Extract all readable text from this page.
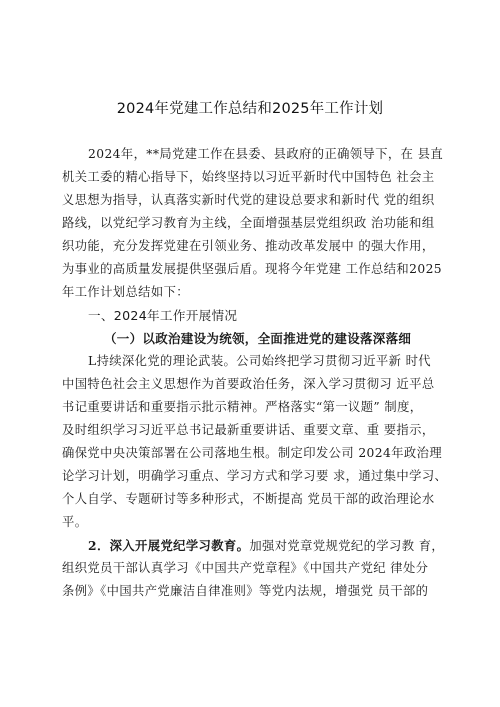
2024年党建工作总结和2025年工作计划
2024年，**局党建工作在县委、县政府的正确领导下，在 县直
机关工委的精心指导下，始终坚持以习近平新时代中国特色 社会主
义思想为指导，认真落实新时代党的建设总要求和新时代 党的组织
路线，以党纪学习教育为主线，全面增强基层党组织政 治功能和组
织功能，充分发挥党建在引领业务、推动改革发展中 的强大作用，
为事业的高质量发展提供坚强后盾。现将今年党建 工作总结和2025
年工作计划总结如下：
一、2024年工作开展情况
（一）以政治建设为统领，全面推进党的建设落深落细
L持续深化党的理论武装。公司始终把学习贯彻习近平新 时代
中国特色社会主义思想作为首要政治任务，深入学习贯彻习 近平总
书记重要讲话和重要指示批示精神。严格落实“第一议题” 制度，
及时组织学习习近平总书记最新重要讲话、重要文章、重 要指示，
确保党中央决策部署在公司落地生根。制定印发公司 2024年政治理
论学习计划，明确学习重点、学习方式和学习要 求，通过集中学习、
个人自学、专题研讨等多种形式，不断提高 党员干部的政治理论水
平。
2．深入开展党纪学习教育。加强对党章党规党纪的学习教 育，
组织党员干部认真学习《中国共产党章程》《中国共产党纪 律处分
条例》《中国共产党廉洁自律准则》等党内法规，增强党 员干部的
